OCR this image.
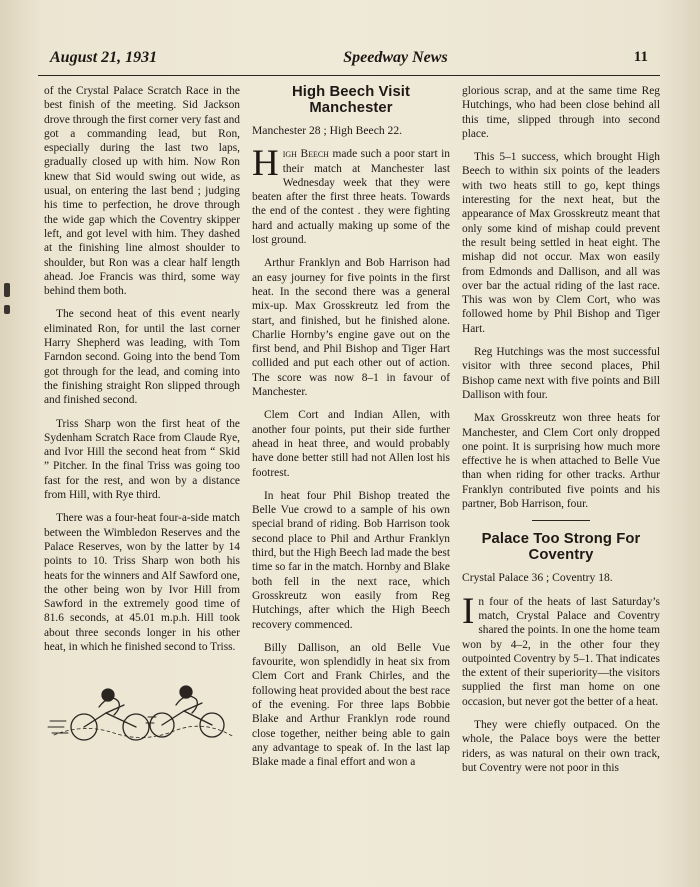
August 21, 1931	Speedway News	11

of the Crystal Palace Scratch Race in the best finish of the meeting. Sid Jackson drove through the first corner very fast and got a commanding lead, but Ron, especially during the last two laps, gradually closed up with him. Now Ron knew that Sid would swing out wide, as usual, on entering the last bend ; judging his time to perfection, he drove through the wide gap which the Coventry skipper left, and got level with him. They dashed at the finishing line almost shoulder to shoulder, but Ron was a clear half length ahead. Joe Francis was third, some way behind them both.

The second heat of this event nearly eliminated Ron, for until the last corner Harry Shepherd was leading, with Tom Farndon second. Going into the bend Tom got through for the lead, and coming into the finishing straight Ron slipped through and finished second.

Triss Sharp won the first heat of the Sydenham Scratch Race from Claude Rye, and Ivor Hill the second heat from “ Skid ” Pitcher. In the final Triss was going too fast for the rest, and won by a distance from Hill, with Rye third.

There was a four-heat four-a-side match between the Wimbledon Reserves and the Palace Reserves, won by the latter by 14 points to 10. Triss Sharp won both his heats for the winners and Alf Sawford one, the other being won by Ivor Hill from Sawford in the extremely good time of 81.6 seconds, at 45.01 m.p.h. Hill took about three seconds longer in his other heat, in which he finished second to Triss.

High Beech Visit Manchester

Manchester 28 ; High Beech 22.

High Beech made such a poor start in their match at Manchester last Wednesday week that they were beaten after the first three heats. Towards the end of the contest . they were fighting hard and actually making up some of the lost ground.

Arthur Franklyn and Bob Harrison had an easy journey for five points in the first heat. In the second there was a general mix-up. Max Grosskreutz led from the start, and finished, but he finished alone. Charlie Hornby’s engine gave out on the first bend, and Phil Bishop and Tiger Hart collided and put each other out of action. The score was now 8–1 in favour of Manchester.

Clem Cort and Indian Allen, with another four points, put their side further ahead in heat three, and would probably have done better still had not Allen lost his footrest.

In heat four Phil Bishop treated the Belle Vue crowd to a sample of his own special brand of riding. Bob Harrison took second place to Phil and Arthur Franklyn third, but the High Beech lad made the best time so far in the match. Hornby and Blake both fell in the next race, which Grosskreutz won easily from Reg Hutchings, after which the High Beech recovery commenced.

Billy Dallison, an old Belle Vue favourite, won splendidly in heat six from Clem Cort and Frank Chirles, and the following heat provided about the best race of the evening. For three laps Bobbie Blake and Arthur Franklyn rode round close together, neither being able to gain any advantage to speak of. In the last lap Blake made a final effort and won a

glorious scrap, and at the same time Reg Hutchings, who had been close behind all this time, slipped through into second place.

This 5–1 success, which brought High Beech to within six points of the leaders with two heats still to go, kept things interesting for the next heat, but the appearance of Max Grosskreutz meant that only some kind of mishap could prevent the result being settled in heat eight. The mishap did not occur. Max won easily from Edmonds and Dallison, and all was over bar the actual riding of the last race. This was won by Clem Cort, who was followed home by Phil Bishop and Tiger Hart.

Reg Hutchings was the most successful visitor with three second places, Phil Bishop came next with five points and Bill Dallison with four.

Max Grosskreutz won three heats for Manchester, and Clem Cort only dropped one point. It is surprising how much more effective he is when attached to Belle Vue than when riding for other tracks. Arthur Franklyn contributed five points and his partner, Bob Harrison, four.

Palace Too Strong For Coventry

Crystal Palace 36 ; Coventry 18.

In four of the heats of last Saturday’s match, Crystal Palace and Coventry shared the points. In one the home team won by 4–2, in the other four they outpointed Coventry by 5–1. That indicates the extent of their superiority—the visitors supplied the first man home on one occasion, but never got the better of a heat.

They were chiefly outpaced. On the whole, the Palace boys were the better riders, as was natural on their own track, but Coventry were not poor in this
